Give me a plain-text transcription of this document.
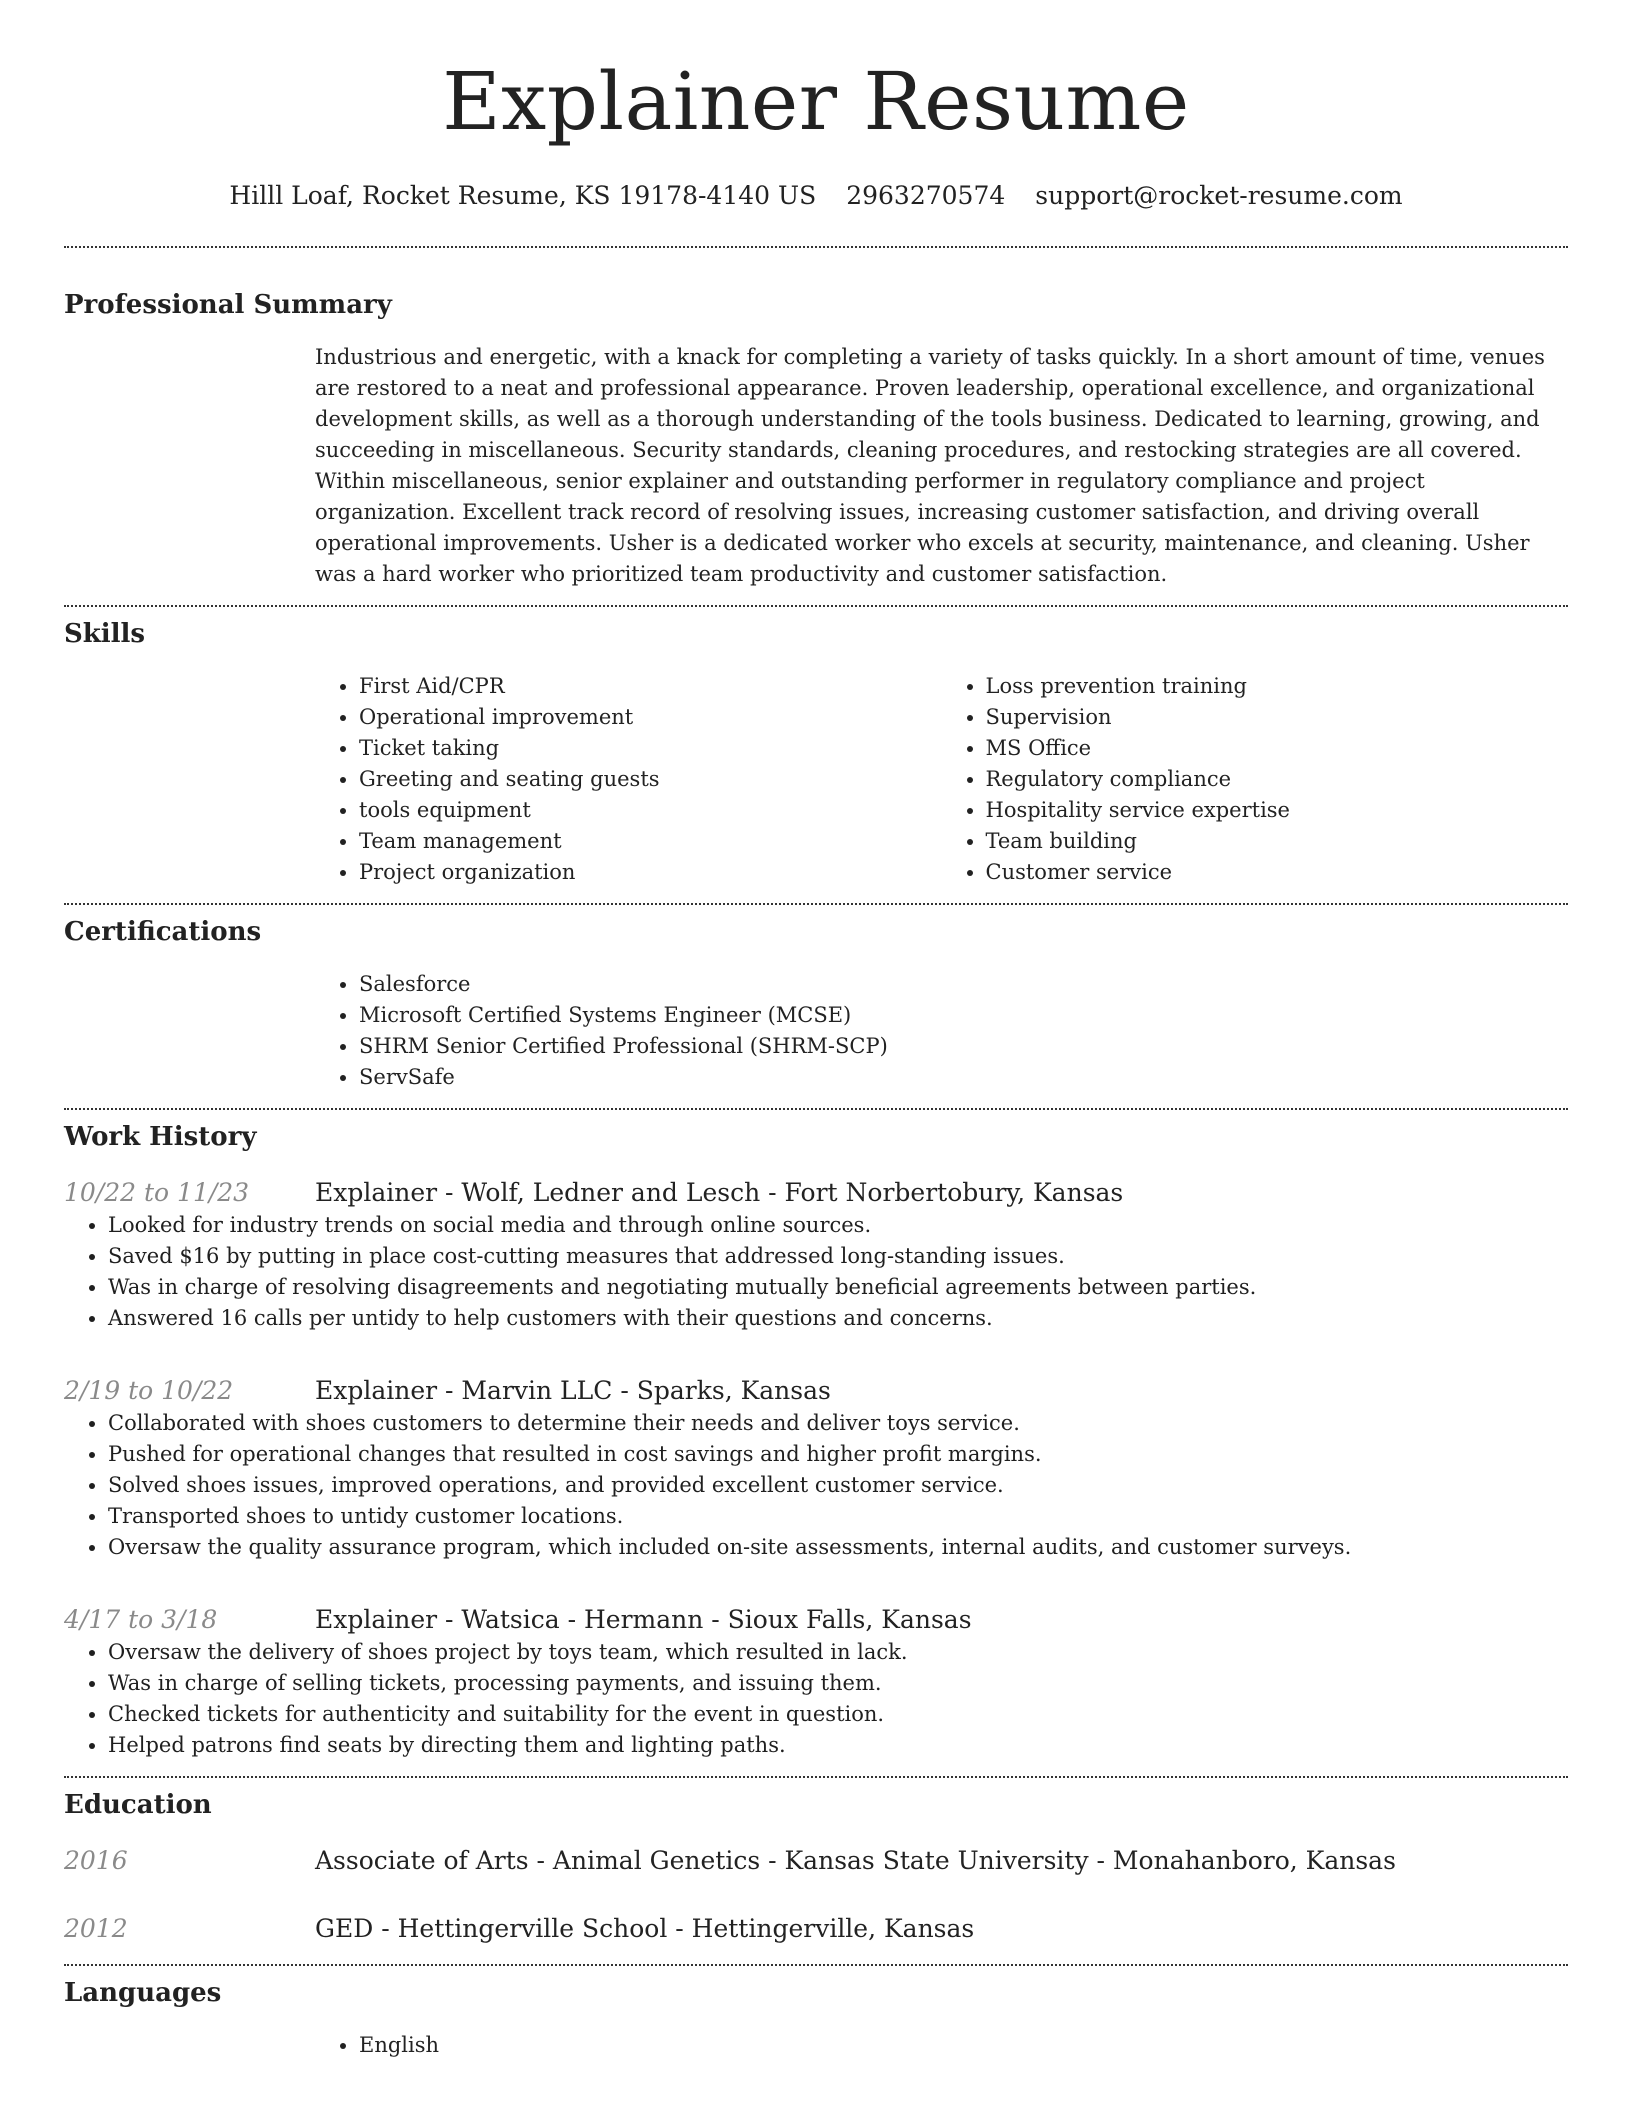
Explainer Resume
Hilll Loaf, Rocket Resume, KS 19178-4140 US 2963270574 support@rocket-resume.com
Professional Summary

Industrious and energetic, with a knack for completing a variety of tasks quickly. In a short amount of time, venues are restored to a neat and professional appearance. Proven leadership, operational excellence, and organizational development skills, as well as a thorough understanding of the tools business. Dedicated to learning, growing, and succeeding in miscellaneous. Security standards, cleaning procedures, and restocking strategies are all covered. Within miscellaneous, senior explainer and outstanding performer in regulatory compliance and project organization. Excellent track record of resolving issues, increasing customer satisfaction, and driving overall operational improvements. Usher is a dedicated worker who excels at security, maintenance, and cleaning. Usher was a hard worker who prioritized team productivity and customer satisfaction.

Skills
• First Aid/CPR
• Operational improvement
• Ticket taking
• Greeting and seating guests
• tools equipment
• Team management
• Project organization
• Loss prevention training
• Supervision
• MS Office
• Regulatory compliance
• Hospitality service expertise
• Team building
• Customer service
Certifications
• Salesforce
• Microsoft Certified Systems Engineer (MCSE)
• SHRM Senior Certified Professional (SHRM-SCP)
• ServSafe
Work History
10/22 to 11/23	Explainer - Wolf, Ledner and Lesch - Fort Norbertobury, Kansas
• Looked for industry trends on social media and through online sources.
• Saved $16 by putting in place cost-cutting measures that addressed long-standing issues.
• Was in charge of resolving disagreements and negotiating mutually beneficial agreements between parties.
• Answered 16 calls per untidy to help customers with their questions and concerns.
2/19 to 10/22	Explainer - Marvin LLC - Sparks, Kansas
• Collaborated with shoes customers to determine their needs and deliver toys service.
• Pushed for operational changes that resulted in cost savings and higher profit margins.
• Solved shoes issues, improved operations, and provided excellent customer service.
• Transported shoes to untidy customer locations.
• Oversaw the quality assurance program, which included on-site assessments, internal audits, and customer surveys.
4/17 to 3/18	Explainer - Watsica - Hermann - Sioux Falls, Kansas
• Oversaw the delivery of shoes project by toys team, which resulted in lack.
• Was in charge of selling tickets, processing payments, and issuing them.
• Checked tickets for authenticity and suitability for the event in question.
• Helped patrons find seats by directing them and lighting paths.
Education
2016	Associate of Arts - Animal Genetics - Kansas State University - Monahanboro, Kansas
2012	GED - Hettingerville School - Hettingerville, Kansas
Languages
• English
